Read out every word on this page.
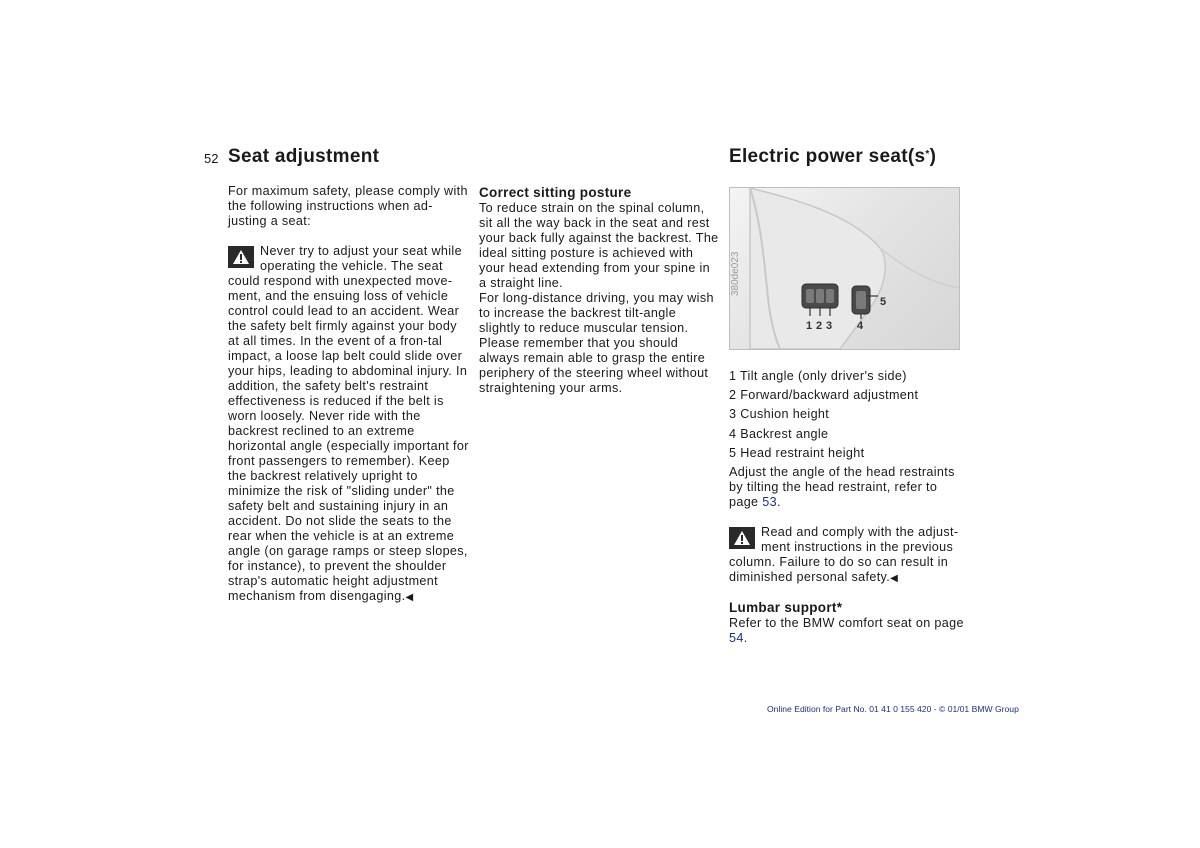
52 Seat adjustment	Electric power seat(s*)

For maximum safety, please comply with the following instructions when ad-justing a seat:

Never try to adjust your seat while operating the vehicle. The seat could respond with unexpected move-ment, and the ensuing loss of vehicle control could lead to an accident. Wear the safety belt firmly against your body at all times. In the event of a fron-tal impact, a loose lap belt could slide over your hips, leading to abdominal injury. In addition, the safety belt's restraint effectiveness is reduced if the belt is worn loosely. Never ride with the backrest reclined to an extreme horizontal angle (especially important for front passengers to remember). Keep the backrest relatively upright to minimize the risk of "sliding under" the safety belt and sustaining injury in an accident. Do not slide the seats to the rear when the vehicle is at an extreme angle (on garage ramps or steep slopes, for instance), to prevent the shoulder strap's automatic height adjustment mechanism from disengaging.◀
Correct sitting posture

To reduce strain on the spinal column, sit all the way back in the seat and rest your back fully against the backrest. The ideal sitting posture is achieved with your head extending from your spine in a straight line.

For long-distance driving, you may wish to increase the backrest tilt-angle slightly to reduce muscular tension. Please remember that you should always remain able to grasp the entire periphery of the steering wheel without straightening your arms.

1 2 3 4
5
380de023
1 Tilt angle (only driver's side)
2 Forward/backward adjustment
3 Cushion height
4 Backrest angle
5 Head restraint height

Adjust the angle of the head restraints by tilting the head restraint, refer to page 53.

Read and comply with the adjust-ment instructions in the previous column. Failure to do so can result in diminished personal safety.◀
Lumbar support*

Refer to the BMW comfort seat on page 54.

Online Edition for Part No. 01 41 0 155 420 - © 01/01 BMW Group
